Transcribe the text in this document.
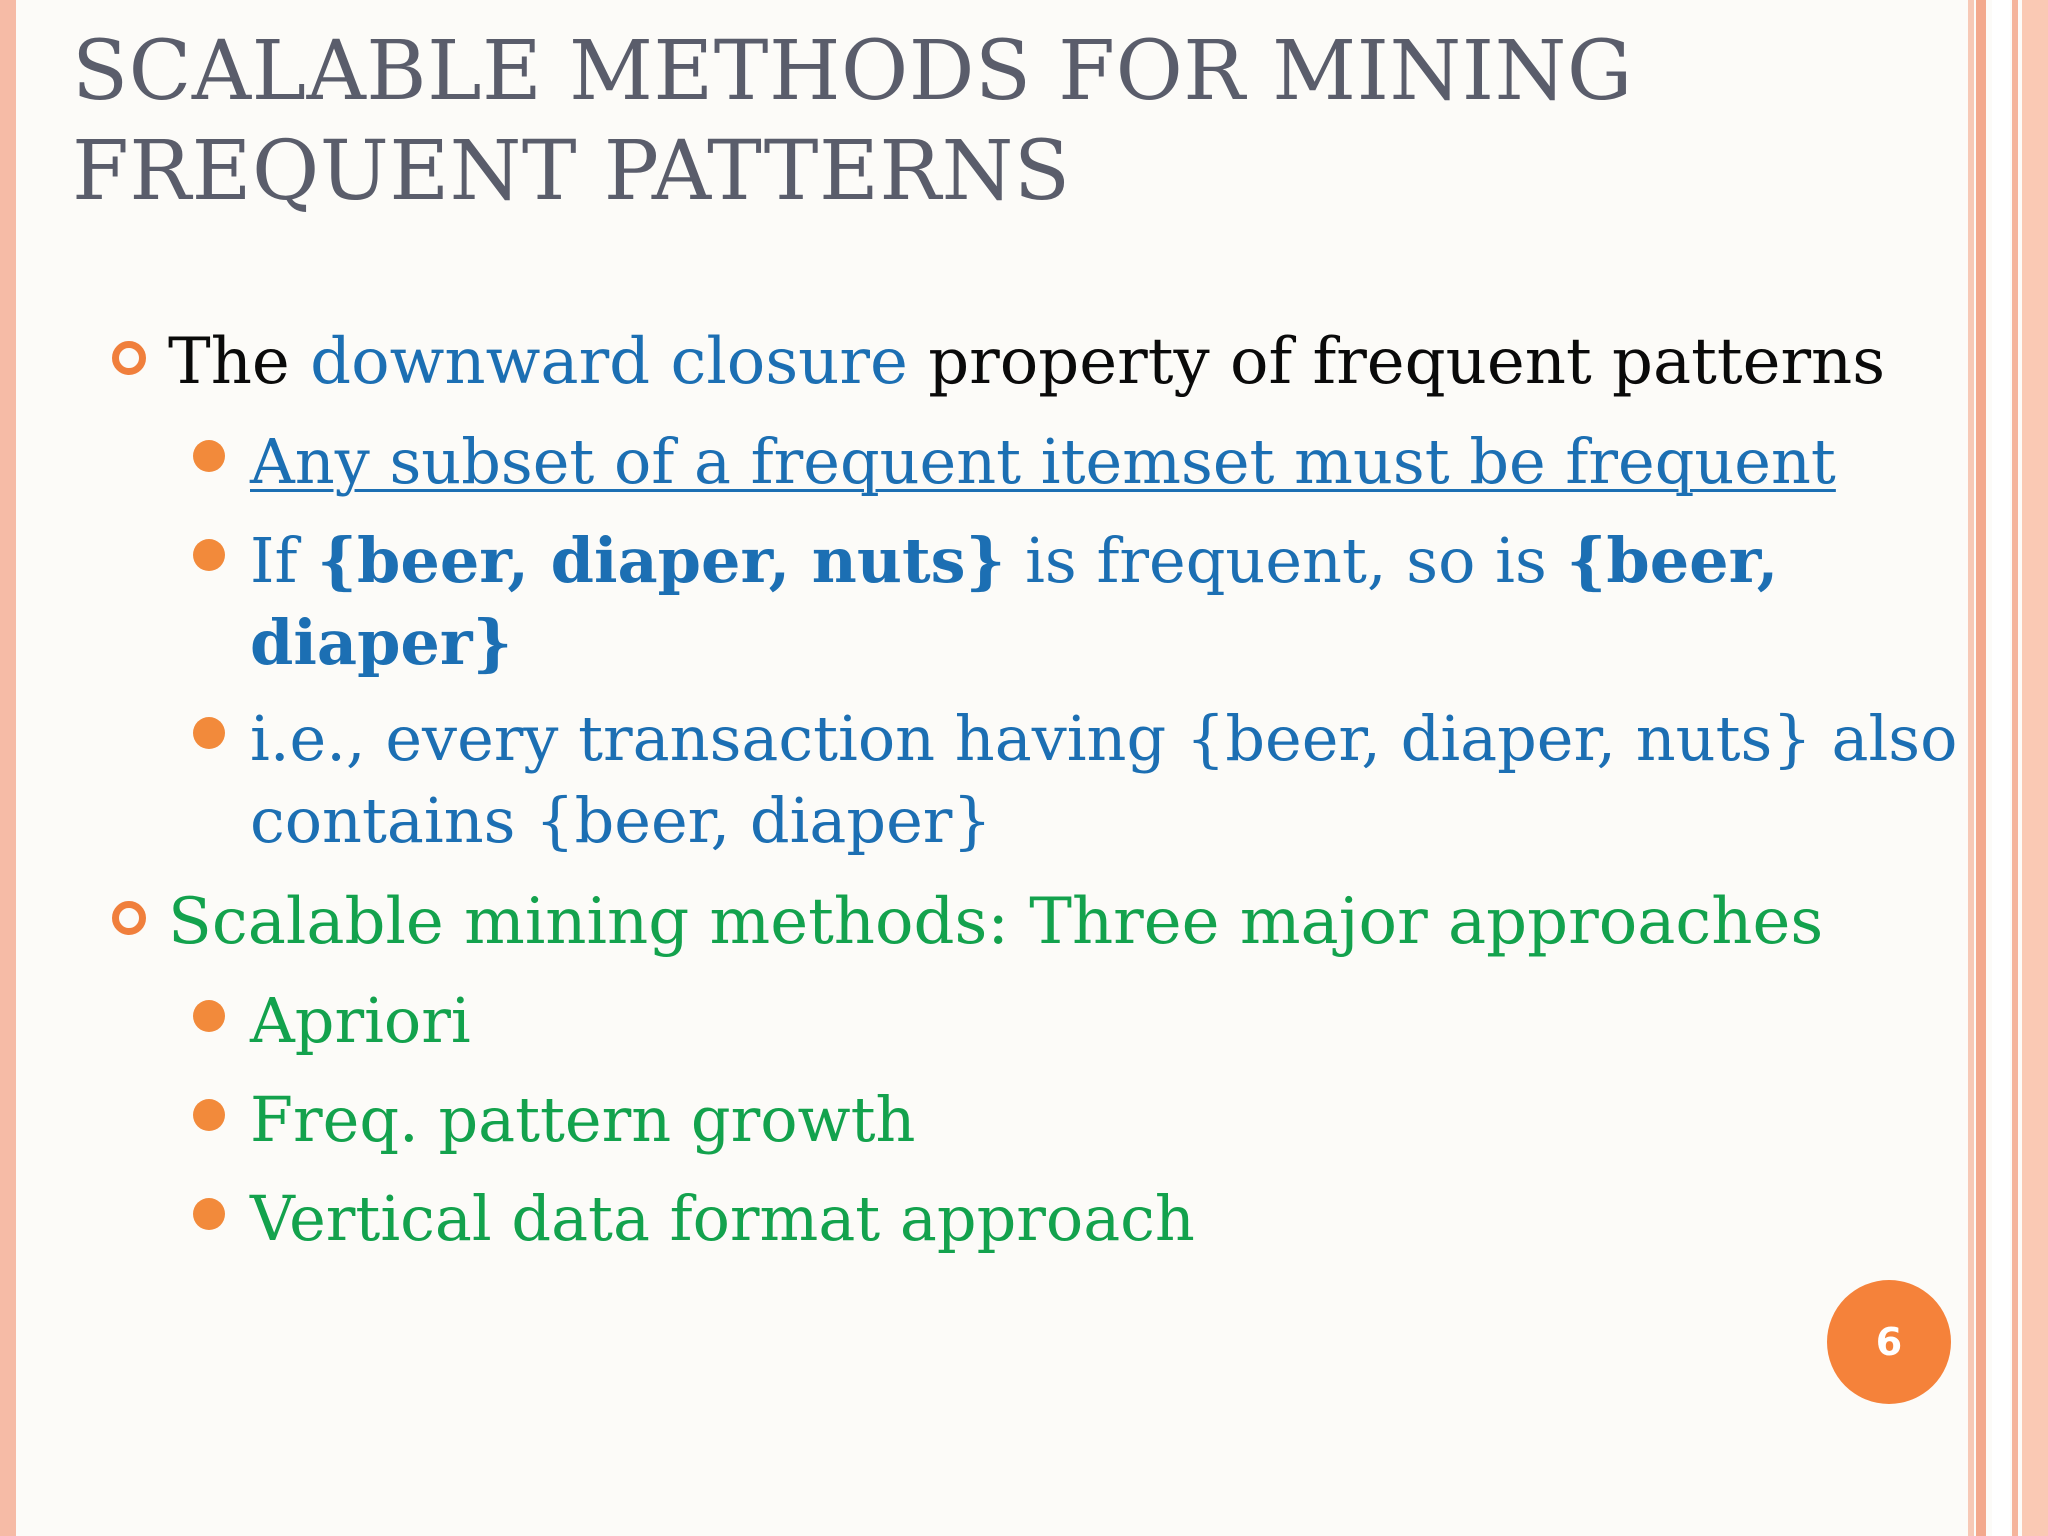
SCALABLE METHODS FOR MINING
FREQUENT PATTERNS
The downward closure property of frequent patterns
Any subset of a frequent itemset must be frequent
If {beer, diaper, nuts} is frequent, so is {beer,
diaper}
i.e., every transaction having {beer, diaper, nuts} also
contains {beer, diaper}
Scalable mining methods: Three major approaches
Apriori
Freq. pattern growth
Vertical data format approach
6
